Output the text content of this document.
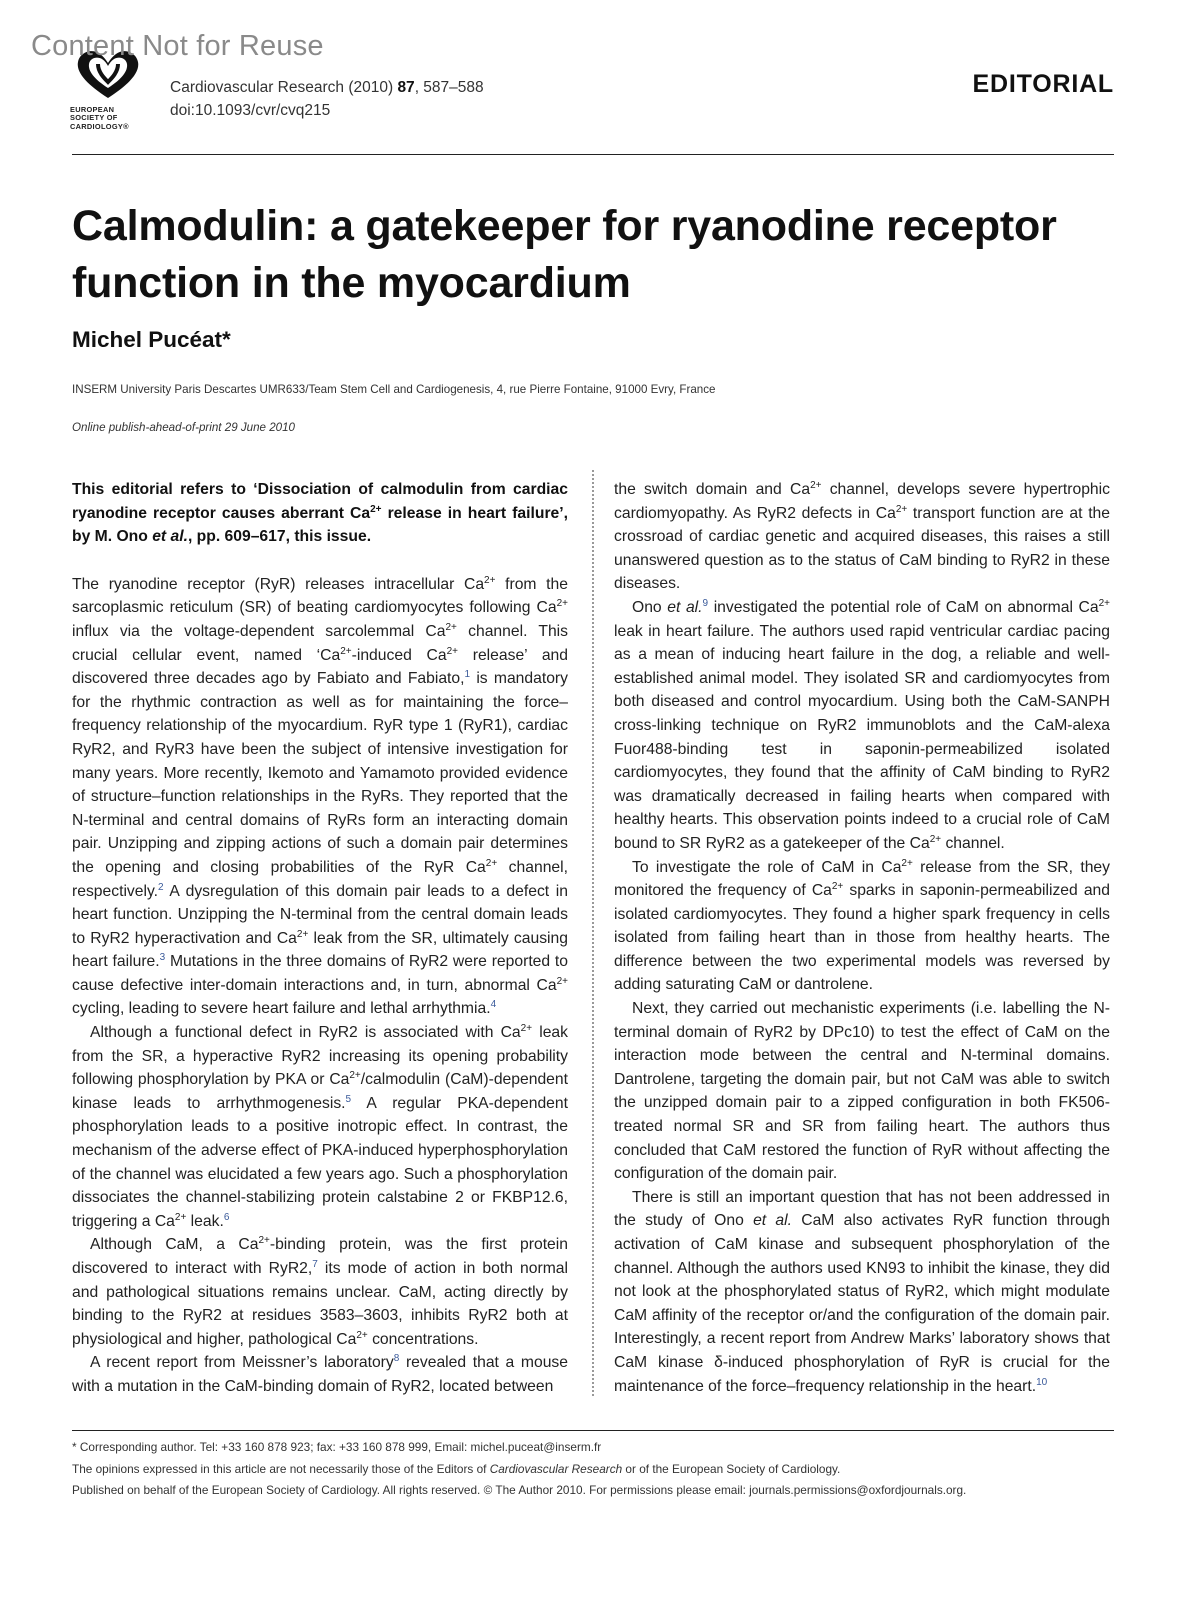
Content Not for Reuse
EUROPEAN
SOCIETY OF
CARDIOLOGY®
Cardiovascular Research (2010) 87, 587–588
doi:10.1093/cvr/cvq215
EDITORIAL
Calmodulin: a gatekeeper for ryanodine receptor
function in the myocardium
Michel Pucéat*
INSERM University Paris Descartes UMR633/Team Stem Cell and Cardiogenesis, 4, rue Pierre Fontaine, 91000 Evry, France
Online publish-ahead-of-print 29 June 2010

This editorial refers to ‘Dissociation of calmodulin from cardiac ryanodine receptor causes aberrant $Ca^{2+}$ release in heart failure’, by M. Ono et al., pp. 609–617, this issue.

The ryanodine receptor (RyR) releases intracellular $Ca^{2+}$ from the sarcoplasmic reticulum (SR) of beating cardiomyocytes following $Ca^{2+}$ influx via the voltage-dependent sarcolemmal $Ca^{2+}$ channel. This crucial cellular event, named ‘$Ca^{2+}$-induced $Ca^{2+}$ release’ and discovered three decades ago by Fabiato and Fabiato,$^1$ is mandatory for the rhythmic contraction as well as for maintaining the force–frequency relationship of the myocardium. RyR type 1 (RyR1), cardiac RyR2, and RyR3 have been the subject of intensive investigation for many years. More recently, Ikemoto and Yamamoto provided evidence of structure–function relationships in the RyRs. They reported that the N-terminal and central domains of RyRs form an interacting domain pair. Unzipping and zipping actions of such a domain pair determines the opening and closing probabilities of the RyR $Ca^{2+}$ channel, respectively.$^2$ A dysregulation of this domain pair leads to a defect in heart function. Unzipping the N-terminal from the central domain leads to RyR2 hyperactivation and $Ca^{2+}$ leak from the SR, ultimately causing heart failure.$^3$ Mutations in the three domains of RyR2 were reported to cause defective inter-domain interactions and, in turn, abnormal $Ca^{2+}$ cycling, leading to severe heart failure and lethal arrhythmia.$^4$

Although a functional defect in RyR2 is associated with $Ca^{2+}$ leak from the SR, a hyperactive RyR2 increasing its opening probability following phosphorylation by PKA or $Ca^{2+}$/calmodulin (CaM)-dependent kinase leads to arrhythmogenesis.$^5$ A regular PKA-dependent phosphorylation leads to a positive inotropic effect. In contrast, the mechanism of the adverse effect of PKA-induced hyperphosphorylation of the channel was elucidated a few years ago. Such a phosphorylation dissociates the channel-stabilizing protein calstabine 2 or FKBP12.6, triggering a $Ca^{2+}$ leak.$^6$

Although CaM, a $Ca^{2+}$-binding protein, was the first protein discovered to interact with RyR2,$^7$ its mode of action in both normal and pathological situations remains unclear. CaM, acting directly by binding to the RyR2 at residues 3583–3603, inhibits RyR2 both at physiological and higher, pathological $Ca^{2+}$ concentrations.

A recent report from Meissner’s laboratory$^8$ revealed that a mouse with a mutation in the CaM-binding domain of RyR2, located between

the switch domain and $Ca^{2+}$ channel, develops severe hypertrophic cardiomyopathy. As RyR2 defects in $Ca^{2+}$ transport function are at the crossroad of cardiac genetic and acquired diseases, this raises a still unanswered question as to the status of CaM binding to RyR2 in these diseases.

Ono et al.$^9$ investigated the potential role of CaM on abnormal $Ca^{2+}$ leak in heart failure. The authors used rapid ventricular cardiac pacing as a mean of inducing heart failure in the dog, a reliable and well-established animal model. They isolated SR and cardiomyocytes from both diseased and control myocardium. Using both the CaM-SANPH cross-linking technique on RyR2 immunoblots and the CaM-alexa Fuor488-binding test in saponin-permeabilized isolated cardiomyocytes, they found that the affinity of CaM binding to RyR2 was dramatically decreased in failing hearts when compared with healthy hearts. This observation points indeed to a crucial role of CaM bound to SR RyR2 as a gatekeeper of the $Ca^{2+}$ channel.

To investigate the role of CaM in $Ca^{2+}$ release from the SR, they monitored the frequency of $Ca^{2+}$ sparks in saponin-permeabilized and isolated cardiomyocytes. They found a higher spark frequency in cells isolated from failing heart than in those from healthy hearts. The difference between the two experimental models was reversed by adding saturating CaM or dantrolene.

Next, they carried out mechanistic experiments (i.e. labelling the N-terminal domain of RyR2 by DPc10) to test the effect of CaM on the interaction mode between the central and N-terminal domains. Dantrolene, targeting the domain pair, but not CaM was able to switch the unzipped domain pair to a zipped configuration in both FK506-treated normal SR and SR from failing heart. The authors thus concluded that CaM restored the function of RyR without affecting the configuration of the domain pair.

There is still an important question that has not been addressed in the study of Ono et al. CaM also activates RyR function through activation of CaM kinase and subsequent phosphorylation of the channel. Although the authors used KN93 to inhibit the kinase, they did not look at the phosphorylated status of RyR2, which might modulate CaM affinity of the receptor or/and the configuration of the domain pair. Interestingly, a recent report from Andrew Marks’ laboratory shows that CaM kinase δ-induced phosphorylation of RyR is crucial for the maintenance of the force–frequency relationship in the heart.$^{10}$

* Corresponding author. Tel: +33 160 878 923; fax: +33 160 878 999, Email: michel.puceat@inserm.fr
The opinions expressed in this article are not necessarily those of the Editors of Cardiovascular Research or of the European Society of Cardiology.
Published on behalf of the European Society of Cardiology. All rights reserved. © The Author 2010. For permissions please email: journals.permissions@oxfordjournals.org.
